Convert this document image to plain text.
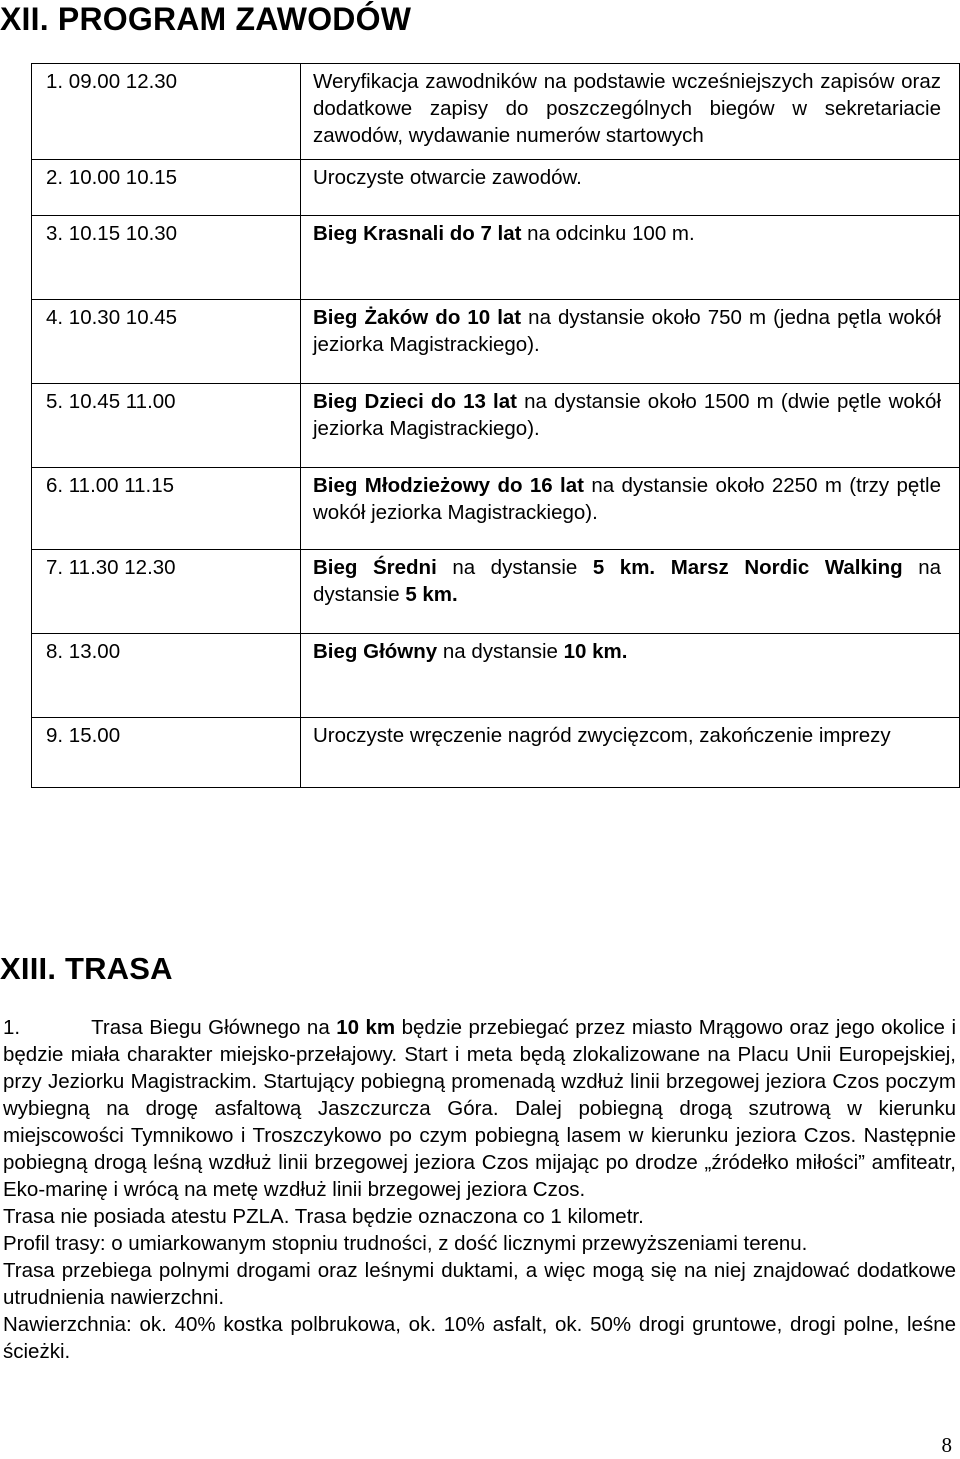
XII. PROGRAM ZAWODÓW
1. 09.00 12.30	Weryfikacja zawodników na podstawie wcześniejszych zapisów oraz dodatkowe zapisy do poszczególnych biegów w sekretariacie zawodów, wydawanie numerów startowych
2. 10.00 10.15	Uroczyste otwarcie zawodów.
3. 10.15 10.30	Bieg Krasnali do 7 lat na odcinku 100 m.
4. 10.30 10.45	Bieg Żaków do 10 lat na dystansie około 750 m (jedna pętla wokół jeziorka Magistrackiego).
5. 10.45 11.00	Bieg Dzieci do 13 lat na dystansie około 1500 m (dwie pętle wokół jeziorka Magistrackiego).
6. 11.00 11.15	Bieg Młodzieżowy do 16 lat na dystansie około 2250 m (trzy pętle wokół jeziorka Magistrackiego).
7. 11.30 12.30	Bieg Średni na dystansie 5 km. Marsz Nordic Walking na dystansie 5 km.
8. 13.00	Bieg Główny na dystansie 10 km.
9. 15.00	Uroczyste wręczenie nagród zwycięzcom, zakończenie imprezy
XIII. TRASA

1.	Trasa Biegu Głównego na 10 km będzie przebiegać przez miasto Mrągowo oraz jego okolice i będzie miała charakter miejsko-przełajowy. Start i meta będą zlokalizowane na Placu Unii Europejskiej, przy Jeziorku Magistrackim. Startujący pobiegną promenadą wzdłuż linii brzegowej jeziora Czos poczym wybiegną na drogę asfaltową Jaszczurcza Góra. Dalej pobiegną drogą szutrową w kierunku miejscowości Tymnikowo i Troszczykowo po czym pobiegną lasem w kierunku jeziora Czos. Następnie pobiegną drogą leśną wzdłuż linii brzegowej jeziora Czos mijając po drodze „źródełko miłości” amfiteatr, Eko-marinę i wrócą na metę wzdłuż linii brzegowej jeziora Czos.

Trasa nie posiada atestu PZLA. Trasa będzie oznaczona co 1 kilometr.

Profil trasy: o umiarkowanym stopniu trudności, z dość licznymi przewyższeniami terenu.

Trasa przebiega polnymi drogami oraz leśnymi duktami, a więc mogą się na niej znajdować dodatkowe utrudnienia nawierzchni.

Nawierzchnia: ok. 40% kostka polbrukowa, ok. 10% asfalt, ok. 50% drogi gruntowe, drogi polne, leśne ścieżki.

8
